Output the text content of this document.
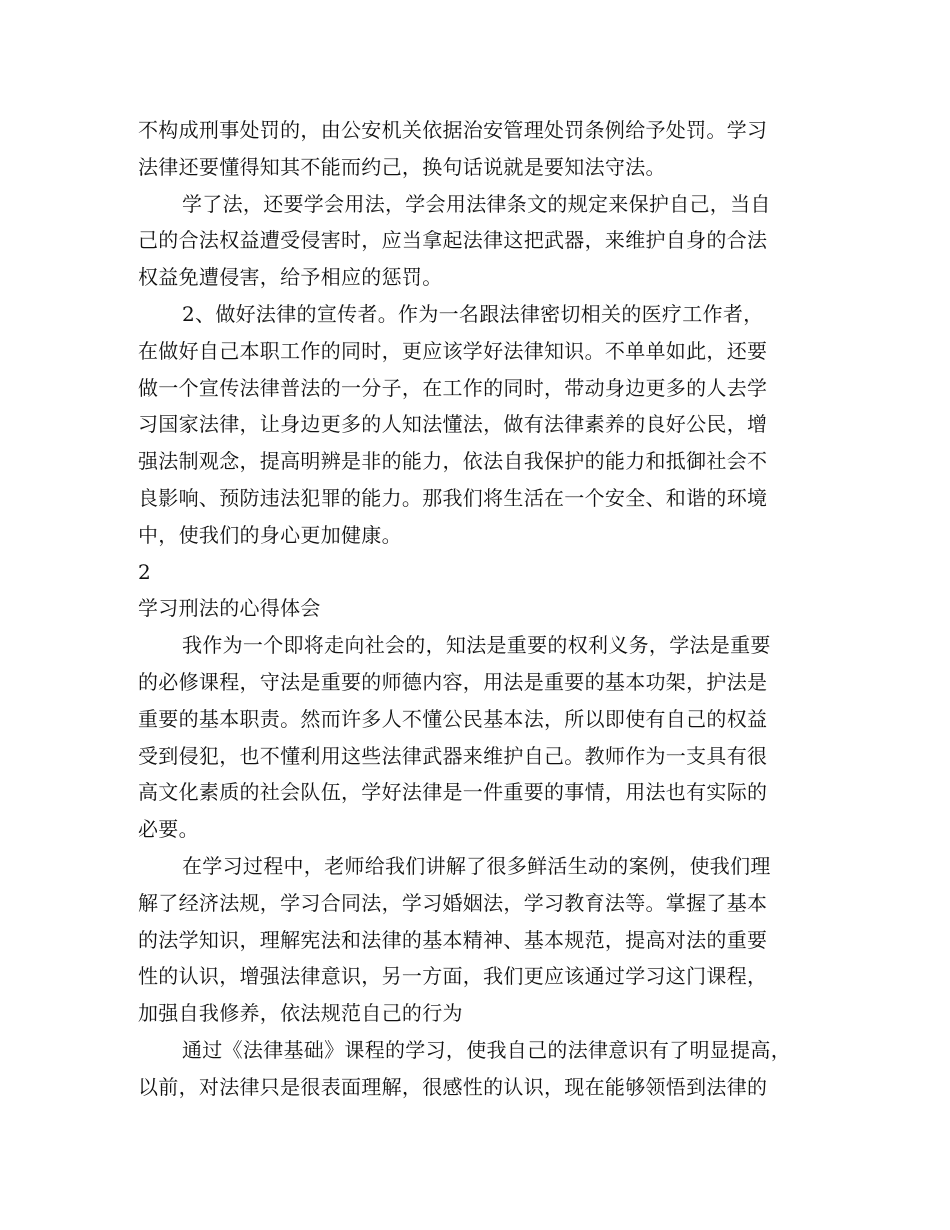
不构成刑事处罚的，由公安机关依据治安管理处罚条例给予处罚。学习
法律还要懂得知其不能而约己，换句话说就是要知法守法。
学了法，还要学会用法，学会用法律条文的规定来保护自己，当自
己的合法权益遭受侵害时，应当拿起法律这把武器，来维护自身的合法
权益免遭侵害，给予相应的惩罚。
2、做好法律的宣传者。作为一名跟法律密切相关的医疗工作者，
在做好自己本职工作的同时，更应该学好法律知识。不单单如此，还要
做一个宣传法律普法的一分子，在工作的同时，带动身边更多的人去学
习国家法律，让身边更多的人知法懂法，做有法律素养的良好公民，增
强法制观念，提高明辨是非的能力，依法自我保护的能力和抵御社会不
良影响、预防违法犯罪的能力。那我们将生活在一个安全、和谐的环境
中，使我们的身心更加健康。
2
学习刑法的心得体会
我作为一个即将走向社会的，知法是重要的权利义务，学法是重要
的必修课程，守法是重要的师德内容，用法是重要的基本功架，护法是
重要的基本职责。然而许多人不懂公民基本法，所以即使有自己的权益
受到侵犯，也不懂利用这些法律武器来维护自己。教师作为一支具有很
高文化素质的社会队伍，学好法律是一件重要的事情，用法也有实际的
必要。
在学习过程中，老师给我们讲解了很多鲜活生动的案例，使我们理
解了经济法规，学习合同法，学习婚姻法，学习教育法等。掌握了基本
的法学知识，理解宪法和法律的基本精神、基本规范，提高对法的重要
性的认识，增强法律意识，另一方面，我们更应该通过学习这门课程，
加强自我修养，依法规范自己的行为
通过《法律基础》课程的学习，使我自己的法律意识有了明显提高，
以前，对法律只是很表面理解，很感性的认识，现在能够领悟到法律的
